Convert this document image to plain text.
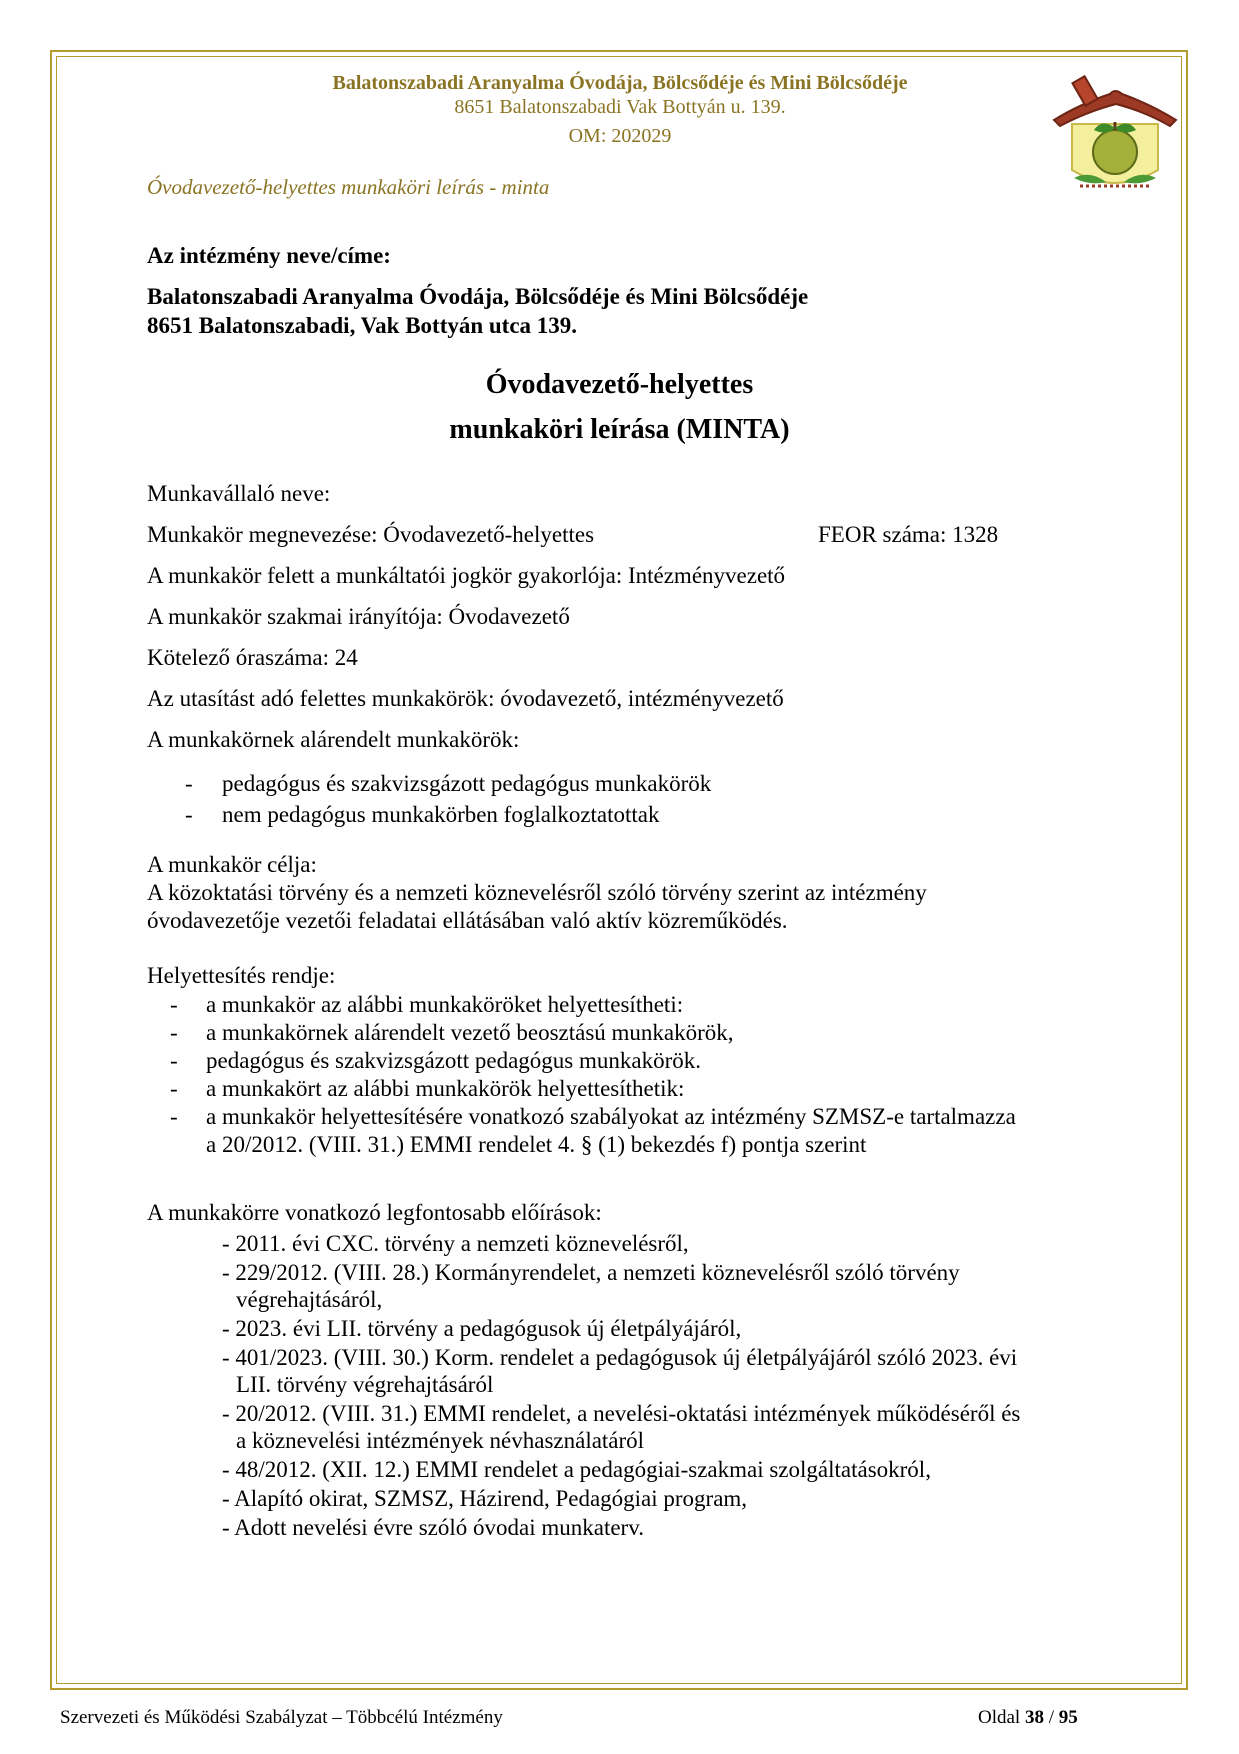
Balatonszabadi Aranyalma Óvodája, Bölcsődéje és Mini Bölcsődéje
8651 Balatonszabadi Vak Bottyán u. 139.
OM: 202029
Óvodavezető-helyettes munkaköri leírás - minta
Az intézmény neve/címe:
Balatonszabadi Aranyalma Óvodája, Bölcsődéje és Mini Bölcsődéje
8651 Balatonszabadi, Vak Bottyán utca 139.
Óvodavezető-helyettes
munkaköri leírása (MINTA)
Munkavállaló neve:
Munkakör megnevezése: Óvodavezető-helyettes	FEOR száma: 1328
A munkakör felett a munkáltatói jogkör gyakorlója: Intézményvezető
A munkakör szakmai irányítója: Óvodavezető
Kötelező óraszáma: 24
Az utasítást adó felettes munkakörök: óvodavezető, intézményvezető
A munkakörnek alárendelt munkakörök:
- pedagógus és szakvizsgázott pedagógus munkakörök
- nem pedagógus munkakörben foglalkoztatottak
A munkakör célja:
A közoktatási törvény és a nemzeti köznevelésről szóló törvény szerint az intézmény
óvodavezetője vezetői feladatai ellátásában való aktív közreműködés.
Helyettesítés rendje:
- a munkakör az alábbi munkaköröket helyettesítheti:
- a munkakörnek alárendelt vezető beosztású munkakörök,
- pedagógus és szakvizsgázott pedagógus munkakörök.
- a munkakört az alábbi munkakörök helyettesíthetik:
- a munkakör helyettesítésére vonatkozó szabályokat az intézmény SZMSZ-e tartalmazza
a 20/2012. (VIII. 31.) EMMI rendelet 4. § (1) bekezdés f) pontja szerint
A munkakörre vonatkozó legfontosabb előírások:
- 2011. évi CXC. törvény a nemzeti köznevelésről,
- 229/2012. (VIII. 28.) Kormányrendelet, a nemzeti köznevelésről szóló törvény
végrehajtásáról,
- 2023. évi LII. törvény a pedagógusok új életpályájáról,
- 401/2023. (VIII. 30.) Korm. rendelet a pedagógusok új életpályájáról szóló 2023. évi
LII. törvény végrehajtásáról
- 20/2012. (VIII. 31.) EMMI rendelet, a nevelési-oktatási intézmények működéséről és
a köznevelési intézmények névhasználatáról
- 48/2012. (XII. 12.) EMMI rendelet a pedagógiai-szakmai szolgáltatásokról,
- Alapító okirat, SZMSZ, Házirend, Pedagógiai program,
- Adott nevelési évre szóló óvodai munkaterv.
Szervezeti és Működési Szabályzat – Többcélú Intézmény	Oldal 38 / 95
